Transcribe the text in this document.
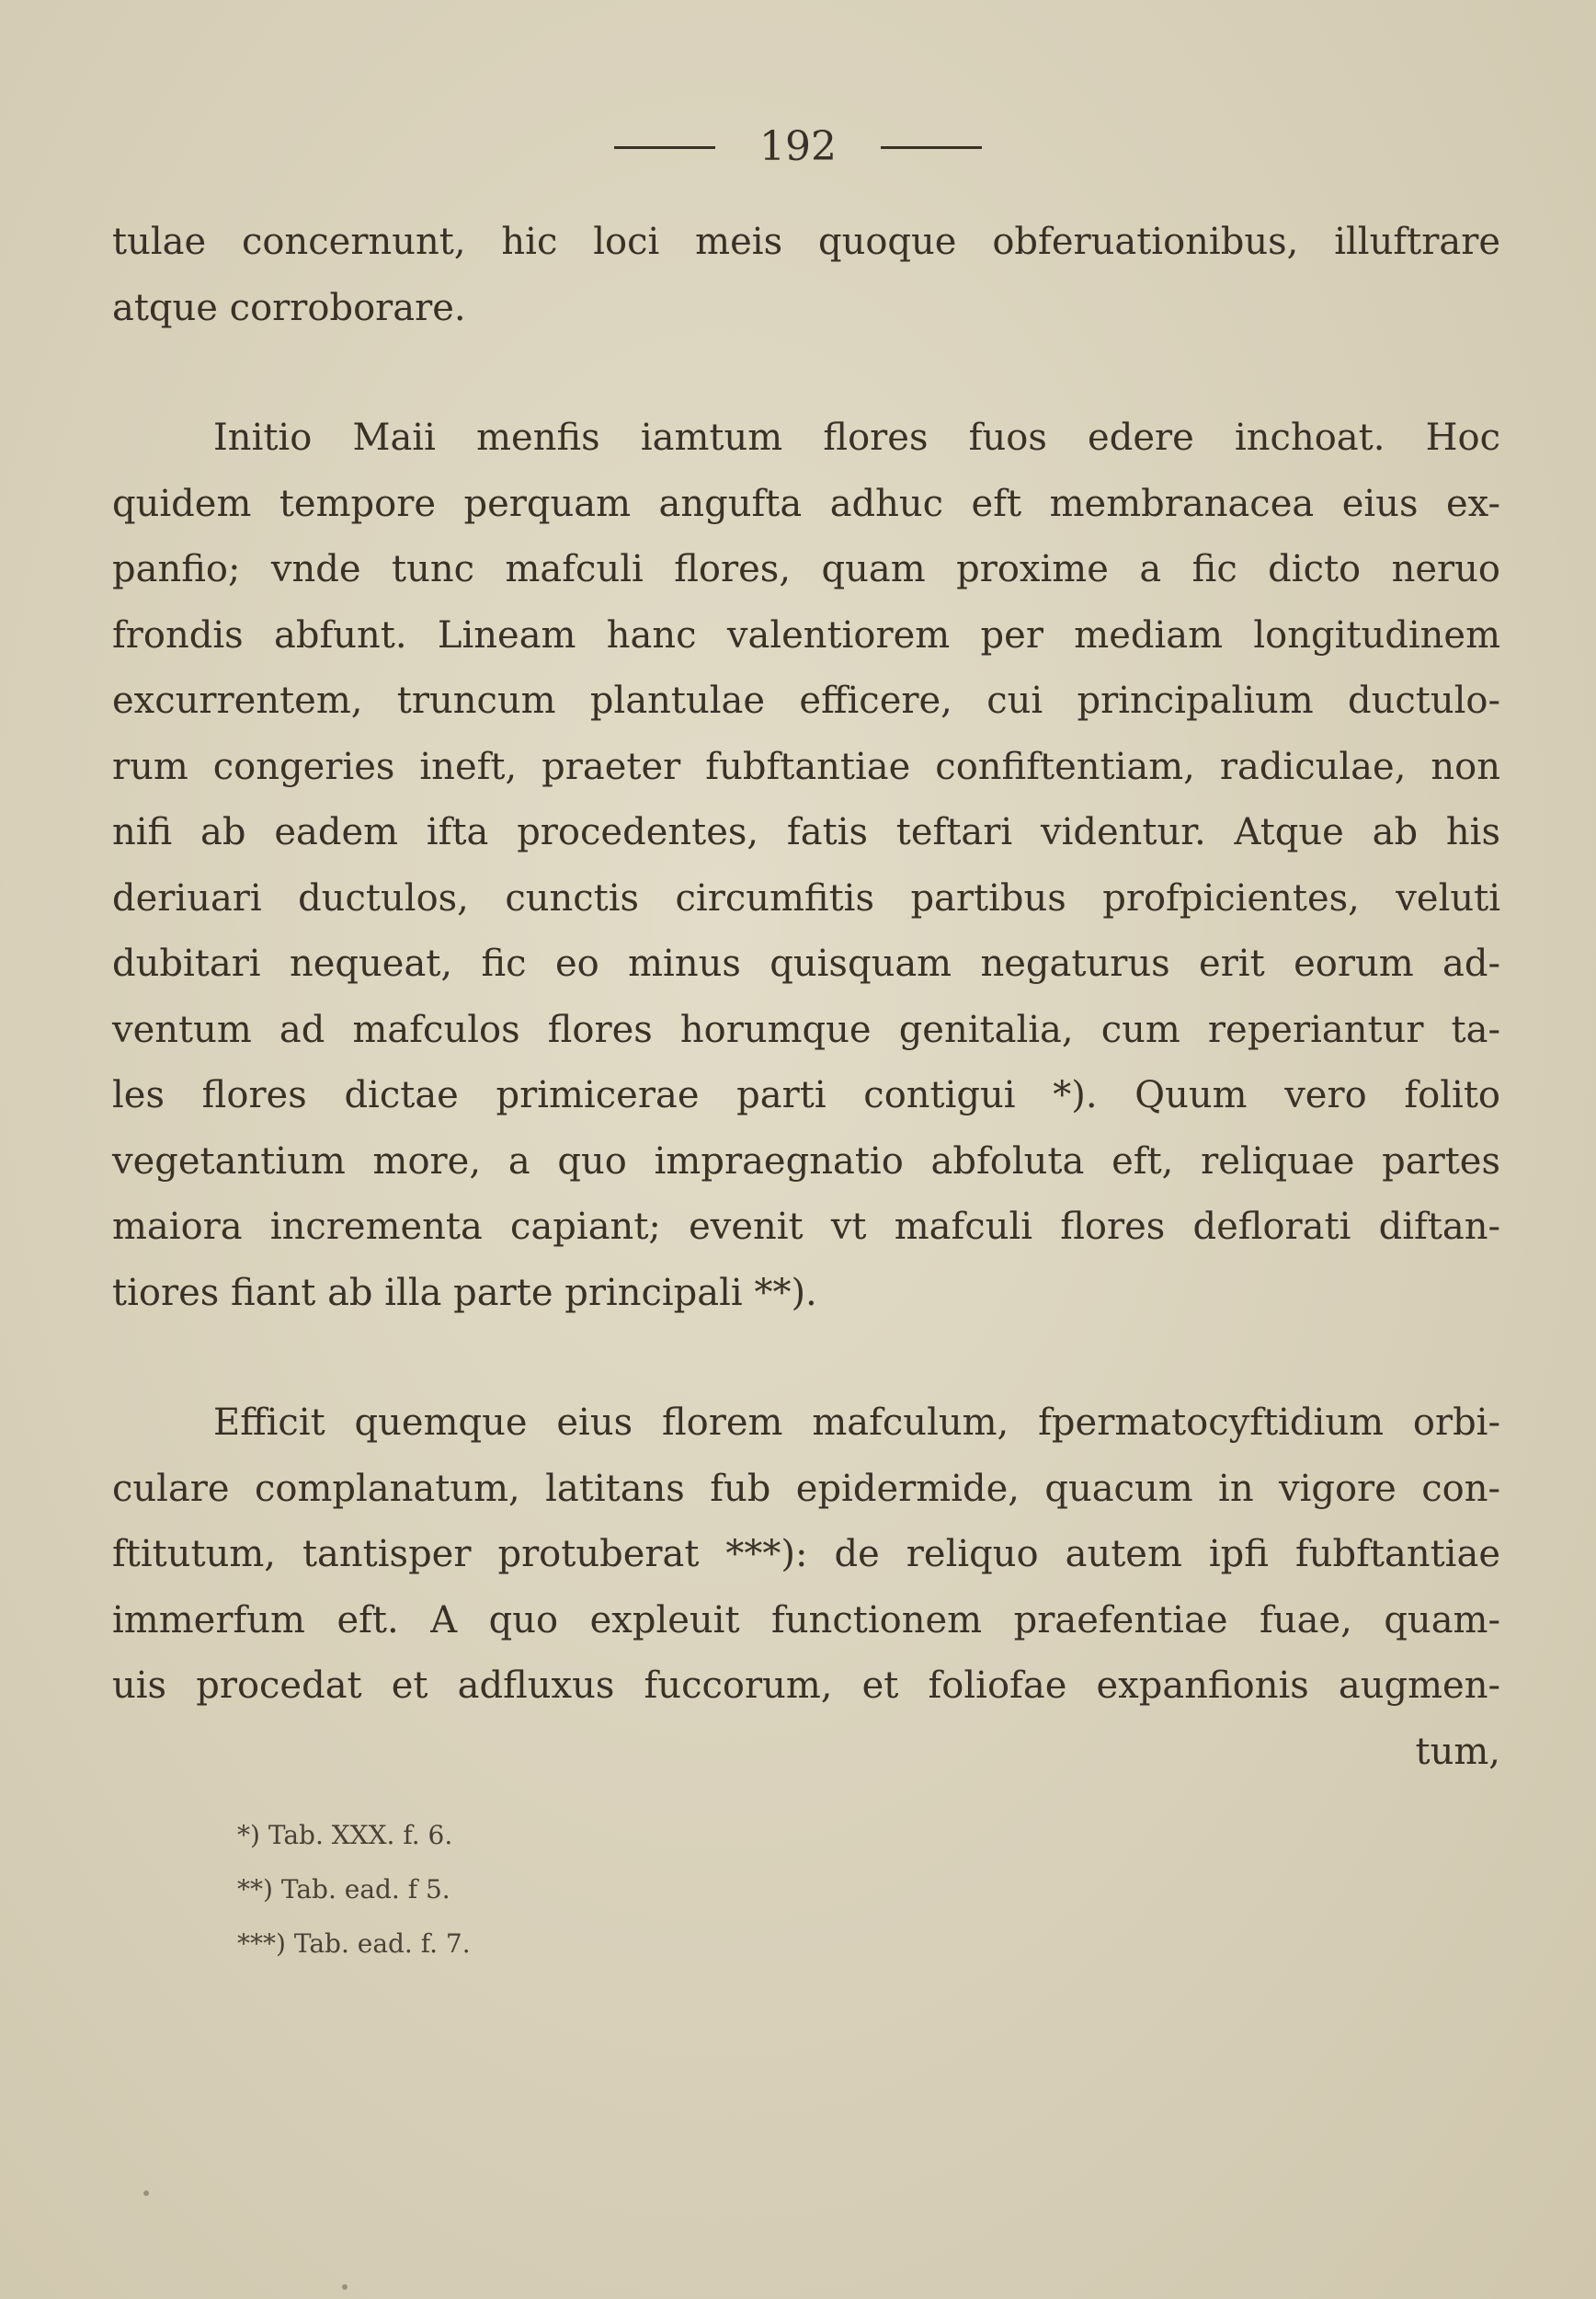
192

tulae concernunt, hic loci meis quoque obferuationibus, illuftrare

atque corroborare.

Initio Maii menfis iamtum flores fuos edere inchoat. Hoc

quidem tempore perquam angufta adhuc eft membranacea eius ex-

panfio; vnde tunc mafculi flores, quam proxime a fic dicto neruo

frondis abfunt. Lineam hanc valentiorem per mediam longitudinem

excurrentem, truncum plantulae efficere, cui principalium ductulo-

rum congeries ineft, praeter fubftantiae confiftentiam, radiculae, non

nifi ab eadem ifta procedentes, fatis teftari videntur. Atque ab his

deriuari ductulos, cunctis circumfitis partibus profpicientes, veluti

dubitari nequeat, fic eo minus quisquam negaturus erit eorum ad-

ventum ad mafculos flores horumque genitalia, cum reperiantur ta-

les flores dictae primicerae parti contigui *). Quum vero folito

vegetantium more, a quo impraegnatio abfoluta eft, reliquae partes

maiora incrementa capiant; evenit vt mafculi flores deflorati diftan-

tiores fiant ab illa parte principali **).

Efficit quemque eius florem mafculum, fpermatocyftidium orbi-

culare complanatum, latitans fub epidermide, quacum in vigore con-

ftitutum, tantisper protuberat ***): de reliquo autem ipfi fubftantiae

immerfum eft. A quo expleuit functionem praefentiae fuae, quam-

uis procedat et adfluxus fuccorum, et foliofae expanfionis augmen-

tum,

*) Tab. XXX. f. 6.
**) Tab. ead. f 5.
***) Tab. ead. f. 7.
